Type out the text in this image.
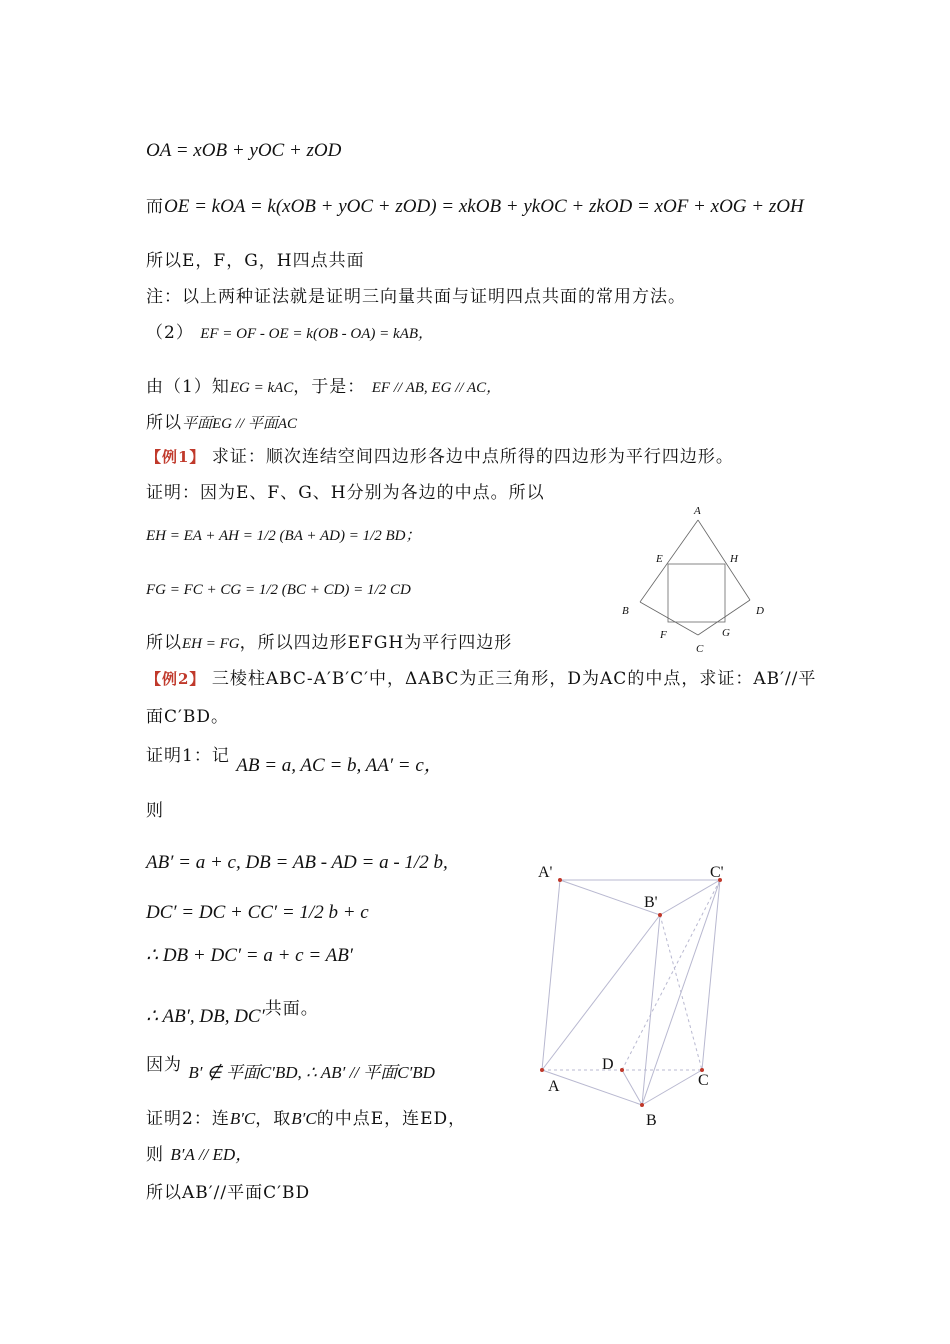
OA = xOB + yOC + zOD
而OE = kOA = k(xOB + yOC + zOD) = xkOB + ykOC + zkOD = xOF + xOG + zOH
所以E，F，G，H四点共面
注：以上两种证法就是证明三向量共面与证明四点共面的常用方法。
（2） EF = OF - OE = k(OB - OA) = kAB，
由（1）知EG = kAC，于是： EF // AB, EG // AC，
所以平面EG // 平面AC
【例1】 求证：顺次连结空间四边形各边中点所得的四边形为平行四边形。
证明：因为E、F、G、H分别为各边的中点。所以
EH = EA + AH = 1/2 (BA + AD) = 1/2 BD；
FG = FC + CG = 1/2 (BC + CD) = 1/2 CD
所以EH = FG，所以四边形EFGH为平行四边形
【例2】 三棱柱ABC-A′B′C′中，ΔABC为正三角形，D为AC的中点，求证：AB′//平
面C′BD。
证明1：记 AB = a, AC = b, AA′ = c，
则
AB′ = a + c, DB = AB - AD = a - 1/2 b,
DC′ = DC + CC′ = 1/2 b + c
∴ DB + DC′ = a + c = AB′
∴ AB′, DB, DC′共面。
因为 B′ ∉ 平面C′BD, ∴ AB′ // 平面C′BD
证明2：连B′C，取B′C的中点E，连ED，
则 B′A // ED，
所以AB′//平面C′BD
A
E	H
B	D
F	G
C
A'	C'
B'
D
A	C
B
